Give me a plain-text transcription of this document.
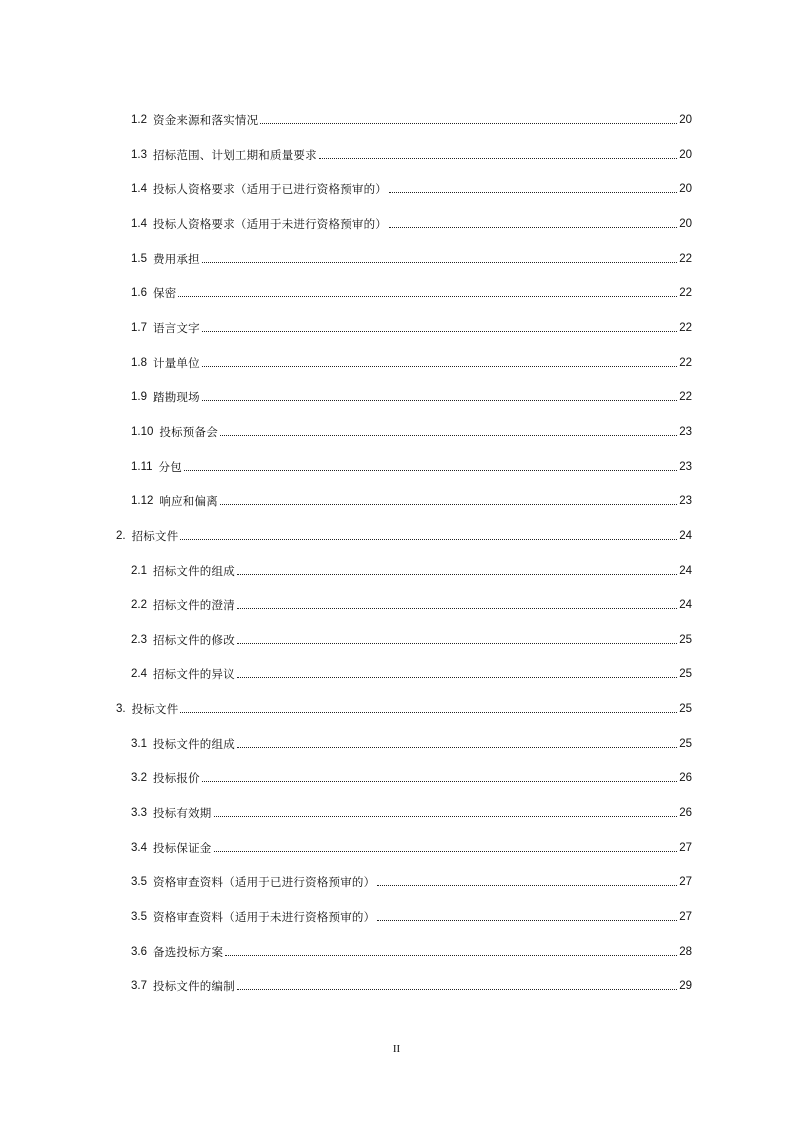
1.2 资金来源和落实情况	20
1.3 招标范围、计划工期和质量要求	20
1.4 投标人资格要求（适用于已进行资格预审的）	20
1.4 投标人资格要求（适用于未进行资格预审的）	20
1.5 费用承担	22
1.6 保密	22
1.7 语言文字	22
1.8 计量单位	22
1.9 踏勘现场	22
1.10 投标预备会	23
1.11 分包	23
1.12 响应和偏离	23
2. 招标文件	24
2.1 招标文件的组成	24
2.2 招标文件的澄清	24
2.3 招标文件的修改	25
2.4 招标文件的异议	25
3. 投标文件	25
3.1 投标文件的组成	25
3.2 投标报价	26
3.3 投标有效期	26
3.4 投标保证金	27
3.5 资格审查资料（适用于已进行资格预审的）	27
3.5 资格审查资料（适用于未进行资格预审的）	27
3.6 备选投标方案	28
3.7 投标文件的编制	29
II
